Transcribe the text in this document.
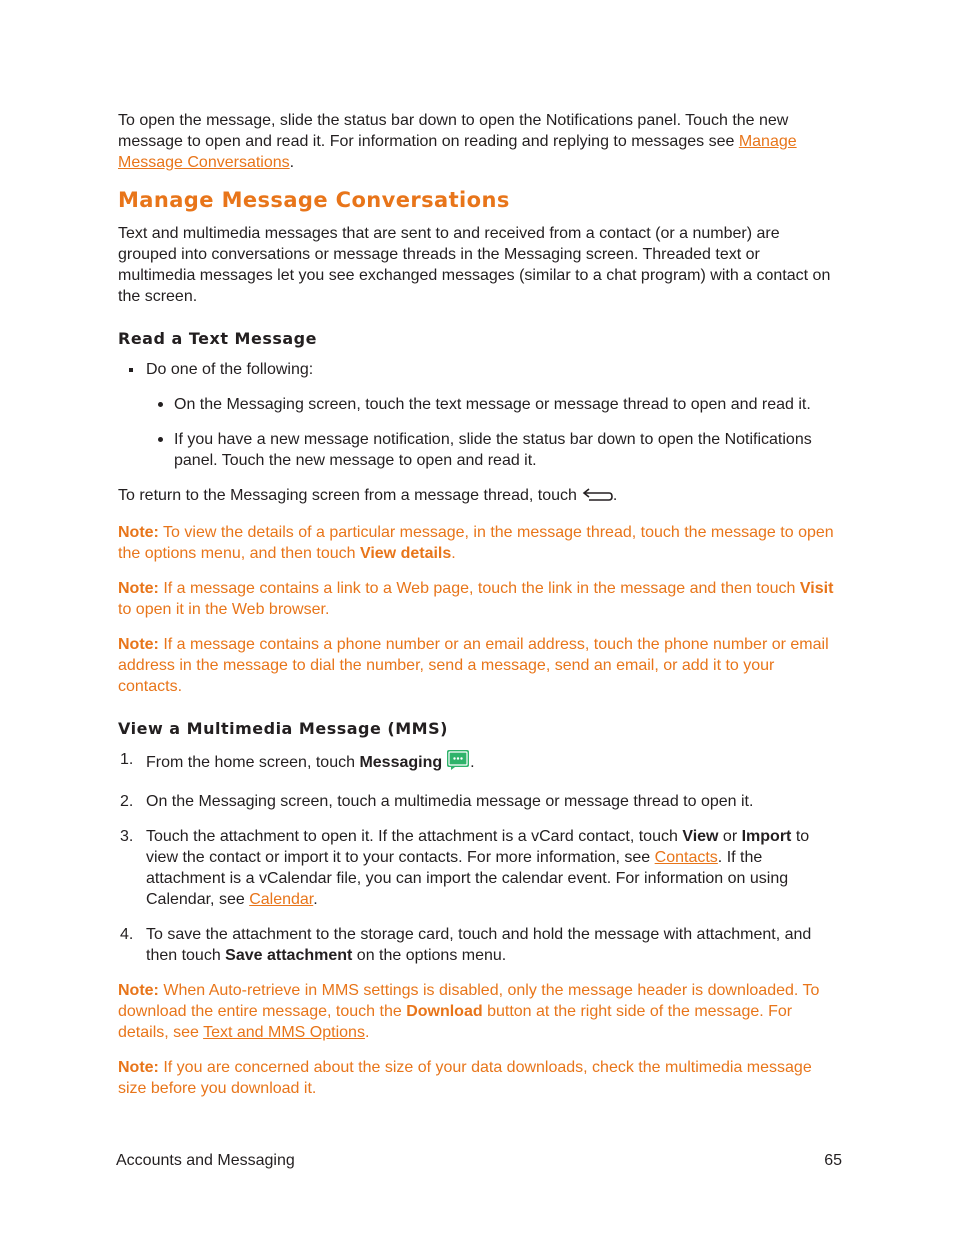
To open the message, slide the status bar down to open the Notifications panel. Touch the new message to open and read it. For information on reading and replying to messages see Manage Message Conversations.

Manage Message Conversations

Text and multimedia messages that are sent to and received from a contact (or a number) are grouped into conversations or message threads in the Messaging screen. Threaded text or multimedia messages let you see exchanged messages (similar to a chat program) with a contact on the screen.

Read a Text Message
Do one of the following:
On the Messaging screen, touch the text message or message thread to open and read it.
If you have a new message notification, slide the status bar down to open the Notifications panel. Touch the new message to open and read it.

To return to the Messaging screen from a message thread, touch .

Note: To view the details of a particular message, in the message thread, touch the message to open the options menu, and then touch View details.

Note: If a message contains a link to a Web page, touch the link in the message and then touch Visit to open it in the Web browser.

Note: If a message contains a phone number or an email address, touch the phone number or email address in the message to dial the number, send a message, send an email, or add it to your contacts.

View a Multimedia Message (MMS)
1. From the home screen, touch Messaging .
2. On the Messaging screen, touch a multimedia message or message thread to open it.
3. Touch the attachment to open it. If the attachment is a vCard contact, touch View or Import to view the contact or import it to your contacts. For more information, see Contacts. If the attachment is a vCalendar file, you can import the calendar event. For information on using Calendar, see Calendar.
4. To save the attachment to the storage card, touch and hold the message with attachment, and then touch Save attachment on the options menu.

Note: When Auto-retrieve in MMS settings is disabled, only the message header is downloaded. To download the entire message, touch the Download button at the right side of the message. For details, see Text and MMS Options.

Note: If you are concerned about the size of your data downloads, check the multimedia message size before you download it.

Accounts and Messaging	65
